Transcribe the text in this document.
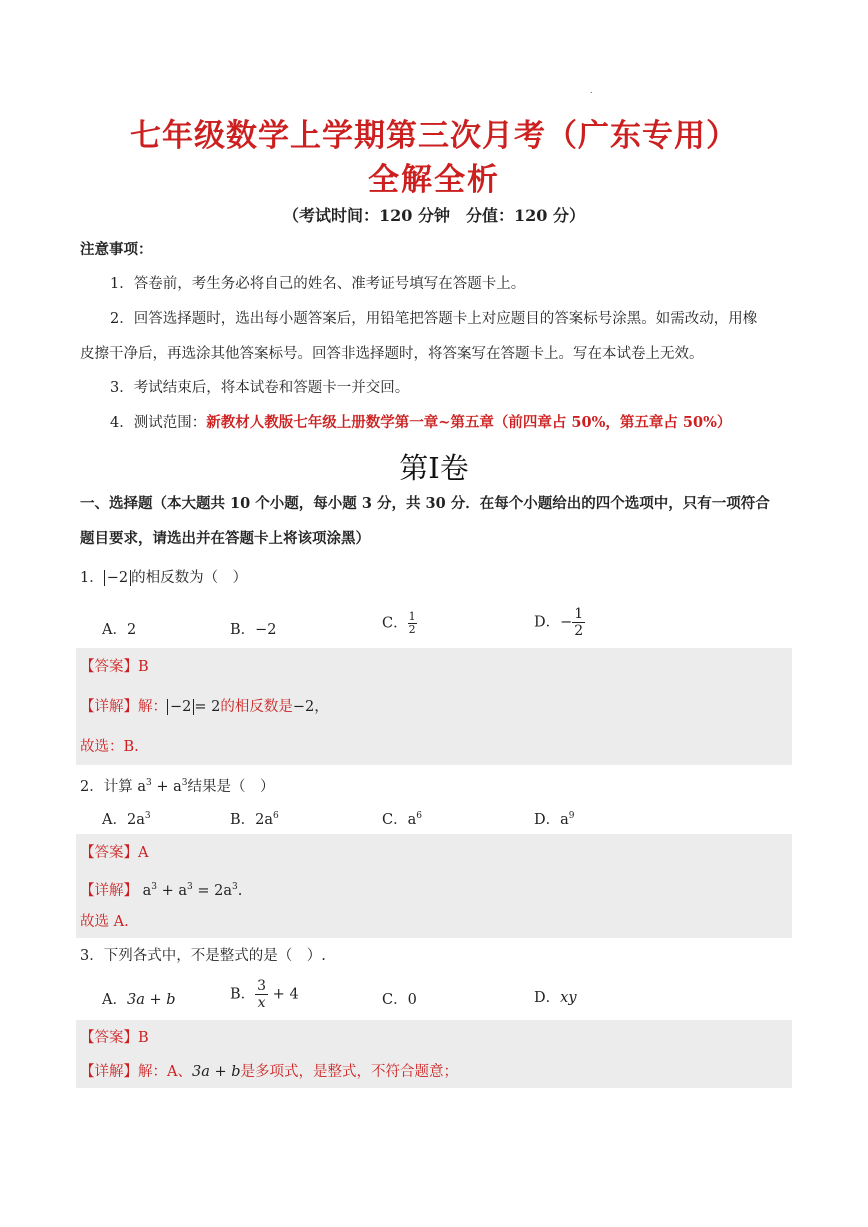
.
七年级数学上学期第三次月考（广东专用）
全解全析
（考试时间：120 分钟　分值：120 分）
注意事项：
1．答卷前，考生务必将自己的姓名、准考证号填写在答题卡上。
2．回答选择题时，选出每小题答案后，用铅笔把答题卡上对应题目的答案标号涂黑。如需改动，用橡
皮擦干净后，再选涂其他答案标号。回答非选择题时，将答案写在答题卡上。写在本试卷上无效。
3．考试结束后，将本试卷和答题卡一并交回。
4．测试范围：新教材人教版七年级上册数学第一章~第五章（前四章占 50%，第五章占 50%）
第Ⅰ卷
一、选择题（本大题共 10 个小题，每小题 3 分，共 30 分．在每个小题给出的四个选项中，只有一项符合
题目要求，请选出并在答题卡上将该项涂黑）
1． −2 的相反数为（　）
A．2	B．−2	C． $\frac{1}{2}$	D．− $\frac{1}{2}$
【答案】B
【详解】解： −2 = 2的相反数是−2，
故选：B.
2．计算 $a^3 + a^3$结果是（　）
A．$2a^3$	B．$2a^6$	C．$a^6$	D．$a^9$
【答案】A
【详解】 $a^3 + a^3 = 2a^3$.
故选 A.
3．下列各式中，不是整式的是（　）.
A．3a + b	B． $\frac{3}{x} + 4$	C．0	D．xy
【答案】B
【详解】解：A、3a + b是多项式，是整式，不符合题意；
